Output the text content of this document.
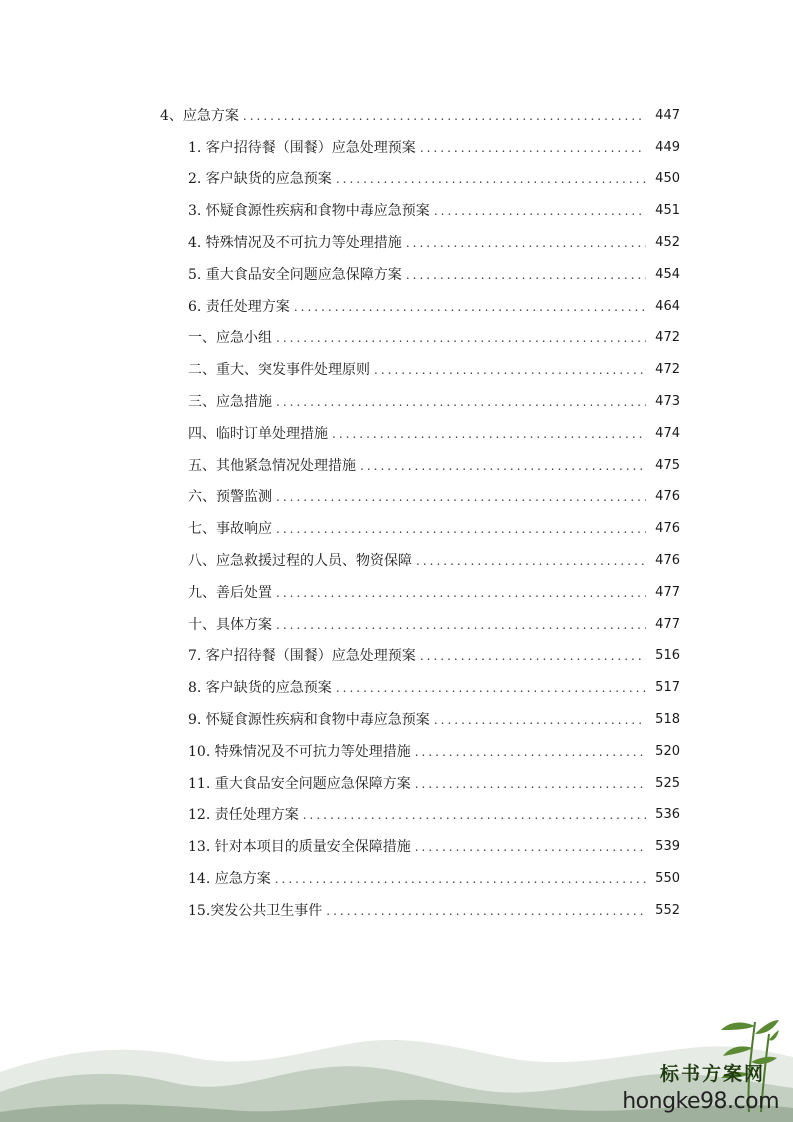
4、应急方案 .....	447
1. 客户招待餐（围餐）应急处理预案 .....	449
2. 客户缺货的应急预案 .....	450
3. 怀疑食源性疾病和食物中毒应急预案 .....	451
4. 特殊情况及不可抗力等处理措施 .....	452
5. 重大食品安全问题应急保障方案 .....	454
6. 责任处理方案 .....	464
一、应急小组 .....	472
二、重大、突发事件处理原则 .....	472
三、应急措施 .....	473
四、临时订单处理措施 .....	474
五、其他紧急情况处理措施 .....	475
六、预警监测 .....	476
七、事故响应 .....	476
八、应急救援过程的人员、物资保障 .....	476
九、善后处置 .....	477
十、具体方案 .....	477
7. 客户招待餐（围餐）应急处理预案 .....	516
8. 客户缺货的应急预案 .....	517
9. 怀疑食源性疾病和食物中毒应急预案 .....	518
10. 特殊情况及不可抗力等处理措施 .....	520
11. 重大食品安全问题应急保障方案 .....	525
12. 责任处理方案 .....	536
13. 针对本项目的质量安全保障措施 .....	539
14. 应急方案 .....	550
15.突发公共卫生事件 .....	552
标书方案网
hongke98.com
